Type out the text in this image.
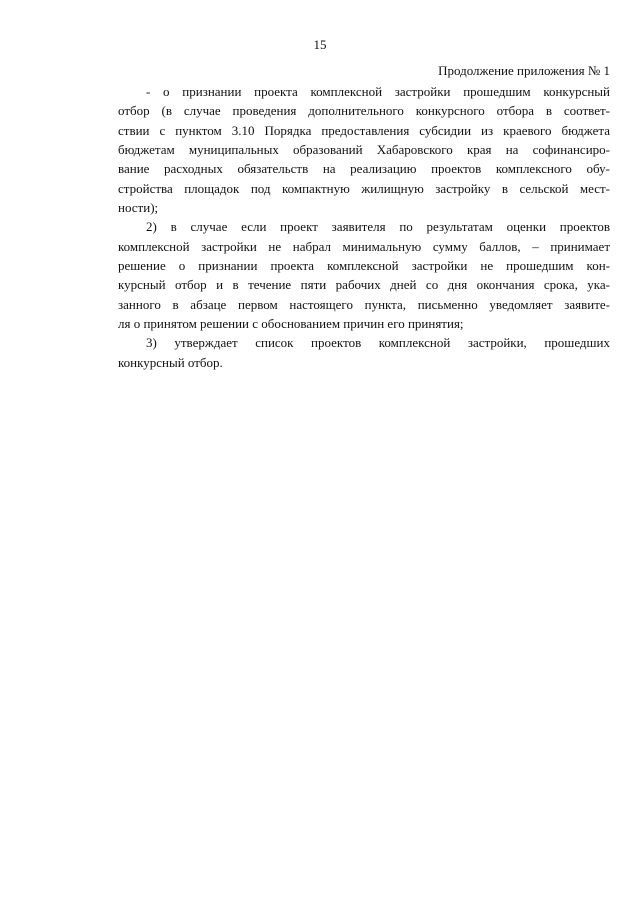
15
Продолжение приложения № 1
- о признании проекта комплексной застройки прошедшим конкурсный
отбор (в случае проведения дополнительного конкурсного отбора в соответ-
ствии с пунктом 3.10 Порядка предоставления субсидии из краевого бюджета
бюджетам муниципальных образований Хабаровского края на софинансиро-
вание расходных обязательств на реализацию проектов комплексного обу-
стройства площадок под компактную жилищную застройку в сельской мест-
ности);
2) в случае если проект заявителя по результатам оценки проектов
комплексной застройки не набрал минимальную сумму баллов, – принимает
решение о признании проекта комплексной застройки не прошедшим кон-
курсный отбор и в течение пяти рабочих дней со дня окончания срока, ука-
занного в абзаце первом настоящего пункта, письменно уведомляет заявите-
ля о принятом решении с обоснованием причин его принятия;
3) утверждает список проектов комплексной застройки, прошедших
конкурсный отбор.
